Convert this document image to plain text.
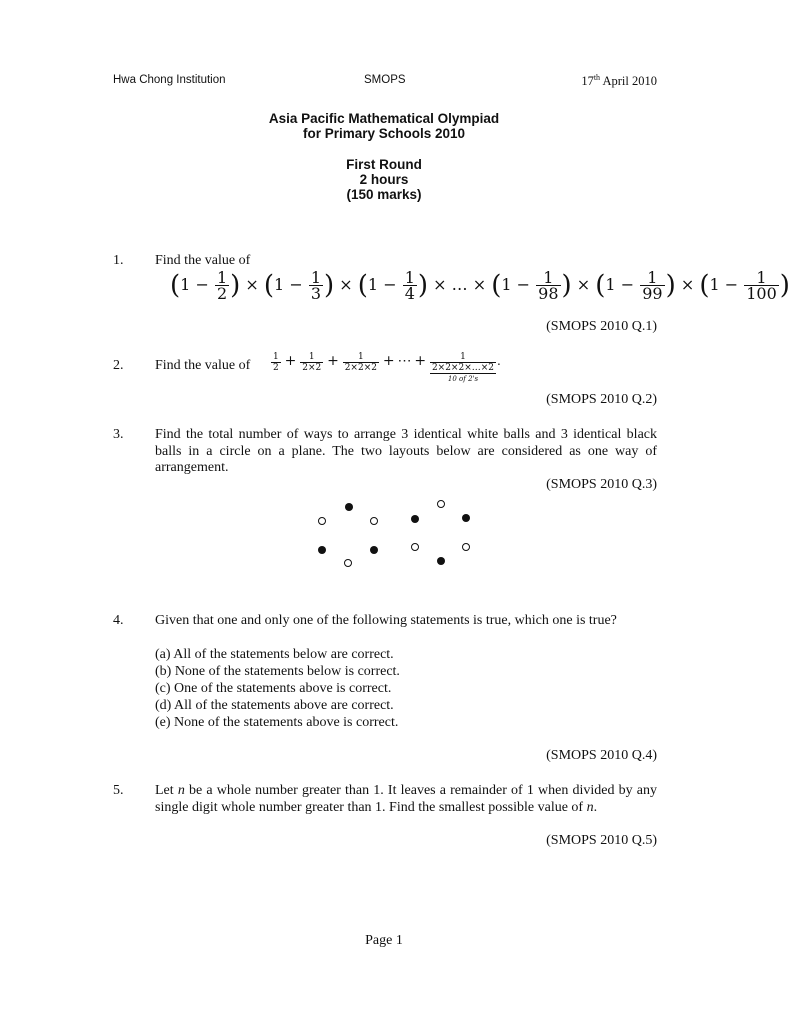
Hwa Chong Institution	SMOPS	17th April 2010
Asia Pacific Mathematical Olympiad
for Primary Schools 2010
First Round
2 hours
(150 marks)
1. Find the value of
($1 - \frac{1}{2}$ ) × ($1 - \frac{1}{3}$ ) × ($1 - \frac{1}{4}$ ) × … × ($1 - \frac{1}{98}$ ) × ($1 - \frac{1}{99}$ ) × ($1 - \frac{1}{100}$ )
(SMOPS 2010 Q.1)
2. Find the value of $\frac{1}{2} + \frac{1}{2\times 2} + \frac{1}{2\times 2\times 2}$ + ⋯ +	1
2×2×2×…×2
10 of 2's
.
(SMOPS 2010 Q.2)
3. Find the total number of ways to arrange 3 identical white balls and 3 identical black balls in a circle on a plane. The two layouts below are considered as one way of arrangement.
(SMOPS 2010 Q.3)
4. Given that one and only one of the following statements is true, which one is true?
(a) All of the statements below are correct.
(b) None of the statements below is correct.
(c) One of the statements above is correct.
(d) All of the statements above are correct.
(e) None of the statements above is correct.
(SMOPS 2010 Q.4)
5. Let n be a whole number greater than 1. It leaves a remainder of 1 when divided by any single digit whole number greater than 1. Find the smallest possible value of n.
(SMOPS 2010 Q.5)
Page 1
